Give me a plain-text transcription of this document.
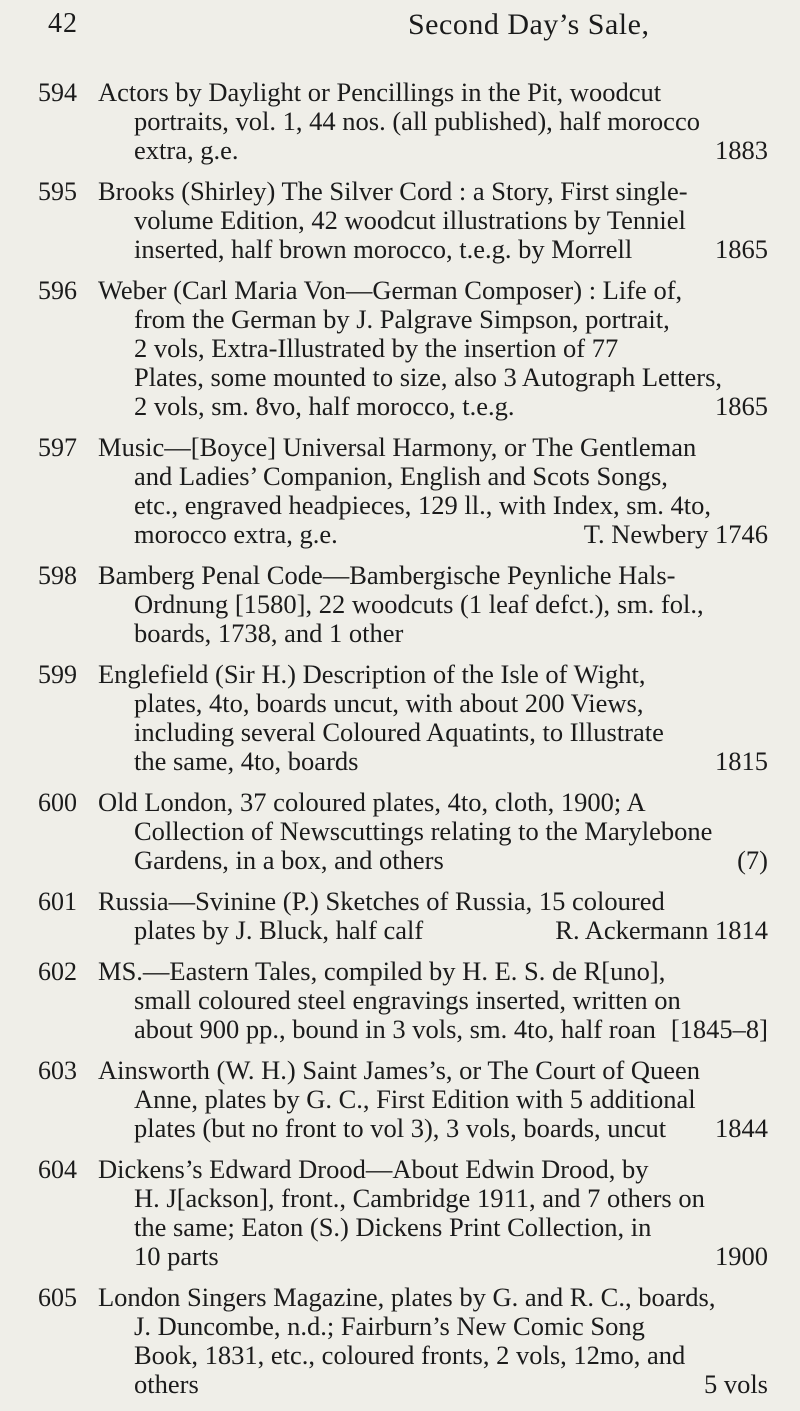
42	Second Day’s Sale,
594 Actors by Daylight or Pencillings in the Pit, woodcut
portraits, vol. 1, 44 nos. (all published), half morocco
extra, g.e.	1883
595 Brooks (Shirley) The Silver Cord : a Story, First single-
volume Edition, 42 woodcut illustrations by Tenniel
inserted, half brown morocco, t.e.g. by Morrell	1865
596 Weber (Carl Maria Von—German Composer) : Life of,
from the German by J. Palgrave Simpson, portrait,
2 vols, Extra-Illustrated by the insertion of 77
Plates, some mounted to size, also 3 Autograph Letters,
2 vols, sm. 8vo, half morocco, t.e.g.	1865
597 Music—[Boyce] Universal Harmony, or The Gentleman
and Ladies’ Companion, English and Scots Songs,
etc., engraved headpieces, 129 ll., with Index, sm. 4to,
morocco extra, g.e.	T. Newbery 1746
598 Bamberg Penal Code—Bambergische Peynliche Hals-
Ordnung [1580], 22 woodcuts (1 leaf defct.), sm. fol.,
boards, 1738, and 1 other
599 Englefield (Sir H.) Description of the Isle of Wight,
plates, 4to, boards uncut, with about 200 Views,
including several Coloured Aquatints, to Illustrate
the same, 4to, boards	1815
600 Old London, 37 coloured plates, 4to, cloth, 1900; A
Collection of Newscuttings relating to the Marylebone
Gardens, in a box, and others	(7)
601 Russia—Svinine (P.) Sketches of Russia, 15 coloured
plates by J. Bluck, half calf	R. Ackermann 1814
602 MS.—Eastern Tales, compiled by H. E. S. de R[uno],
small coloured steel engravings inserted, written on
about 900 pp., bound in 3 vols, sm. 4to, half roan [1845–8]
603 Ainsworth (W. H.) Saint James’s, or The Court of Queen
Anne, plates by G. C., First Edition with 5 additional
plates (but no front to vol 3), 3 vols, boards, uncut 1844
604 Dickens’s Edward Drood—About Edwin Drood, by
H. J[ackson], front., Cambridge 1911, and 7 others on
the same; Eaton (S.) Dickens Print Collection, in
10 parts	1900
605 London Singers Magazine, plates by G. and R. C., boards,
J. Duncombe, n.d.; Fairburn’s New Comic Song
Book, 1831, etc., coloured fronts, 2 vols, 12mo, and
others	5 vols
